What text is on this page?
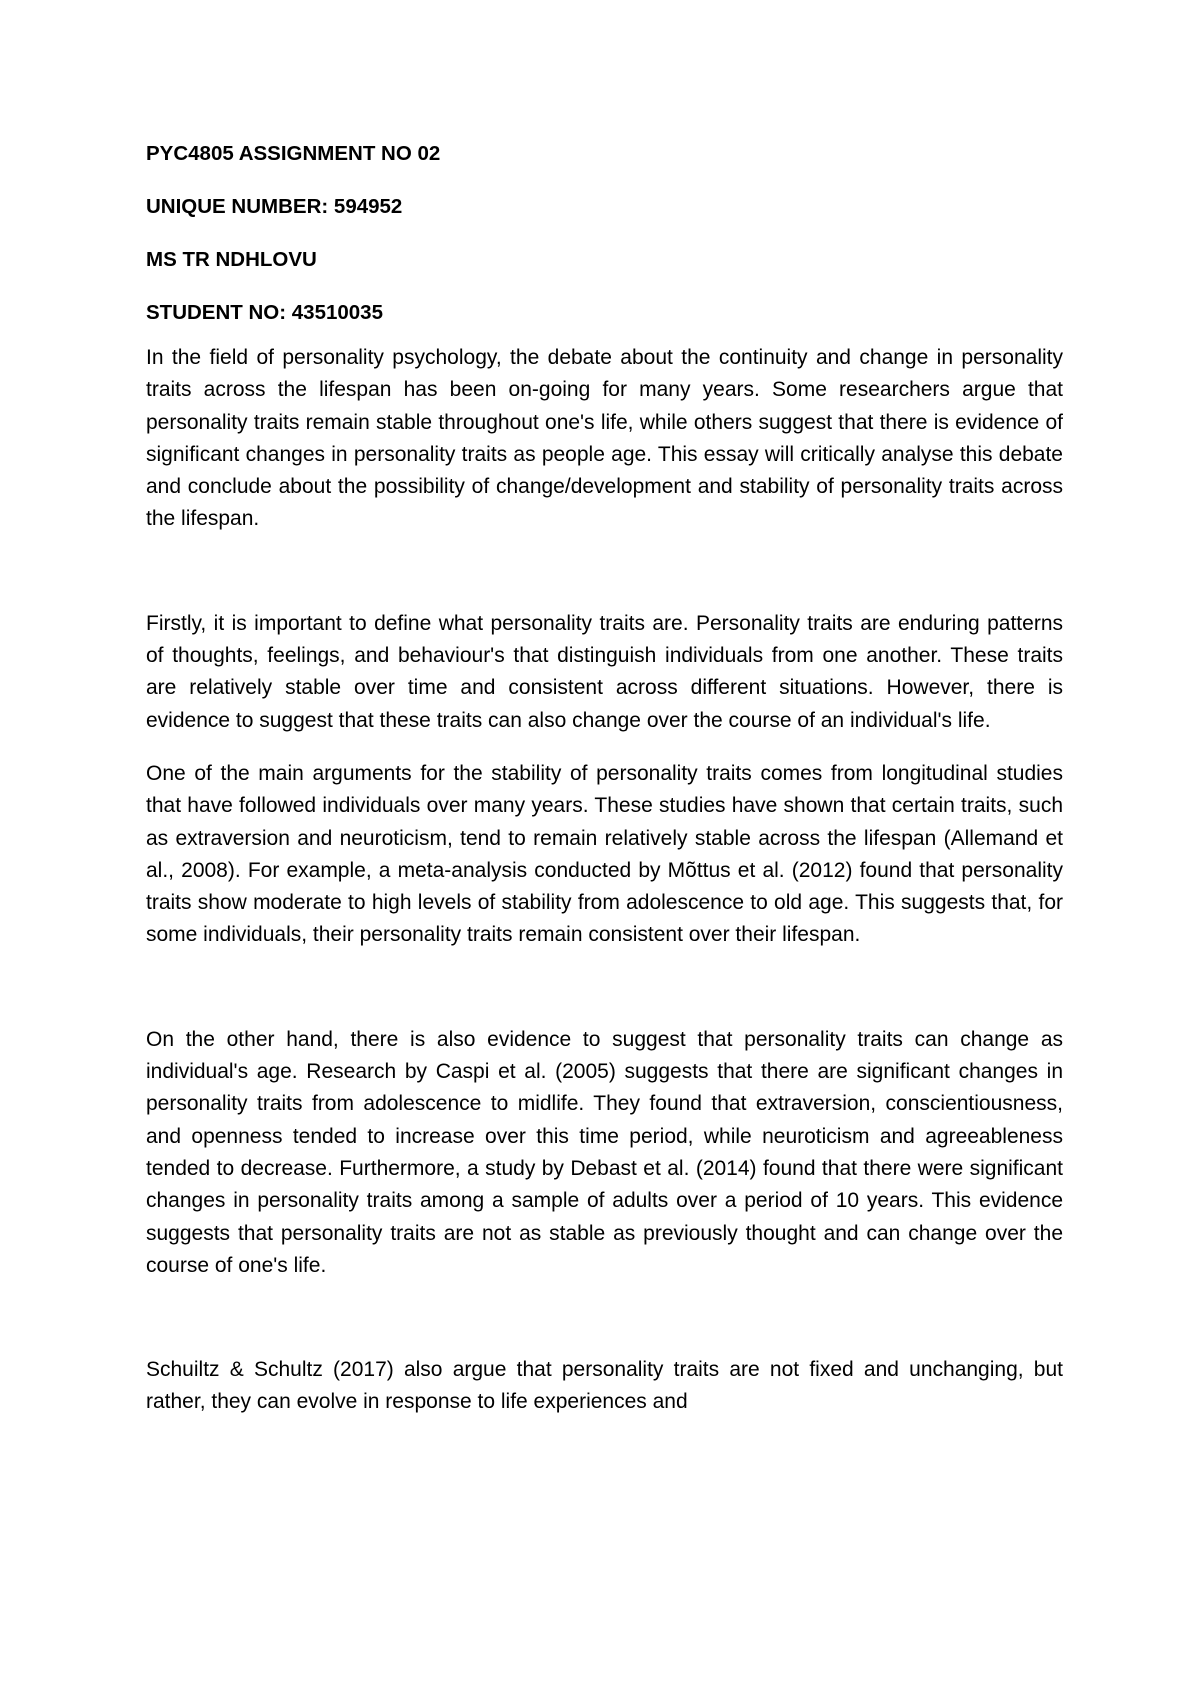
PYC4805 ASSIGNMENT NO 02

UNIQUE NUMBER: 594952

MS TR NDHLOVU

STUDENT NO: 43510035

In the field of personality psychology, the debate about the continuity and change in personality traits across the lifespan has been on-going for many years. Some researchers argue that personality traits remain stable throughout one's life, while others suggest that there is evidence of significant changes in personality traits as people age. This essay will critically analyse this debate and conclude about the possibility of change/development and stability of personality traits across the lifespan.

Firstly, it is important to define what personality traits are. Personality traits are enduring patterns of thoughts, feelings, and behaviour's that distinguish individuals from one another. These traits are relatively stable over time and consistent across different situations. However, there is evidence to suggest that these traits can also change over the course of an individual's life.

One of the main arguments for the stability of personality traits comes from longitudinal studies that have followed individuals over many years. These studies have shown that certain traits, such as extraversion and neuroticism, tend to remain relatively stable across the lifespan (Allemand et al., 2008). For example, a meta-analysis conducted by Mõttus et al. (2012) found that personality traits show moderate to high levels of stability from adolescence to old age. This suggests that, for some individuals, their personality traits remain consistent over their lifespan.

On the other hand, there is also evidence to suggest that personality traits can change as individual's age. Research by Caspi et al. (2005) suggests that there are significant changes in personality traits from adolescence to midlife. They found that extraversion, conscientiousness, and openness tended to increase over this time period, while neuroticism and agreeableness tended to decrease. Furthermore, a study by Debast et al. (2014) found that there were significant changes in personality traits among a sample of adults over a period of 10 years. This evidence suggests that personality traits are not as stable as previously thought and can change over the course of one's life.

Schuiltz & Schultz (2017) also argue that personality traits are not fixed and unchanging, but rather, they can evolve in response to life experiences and
